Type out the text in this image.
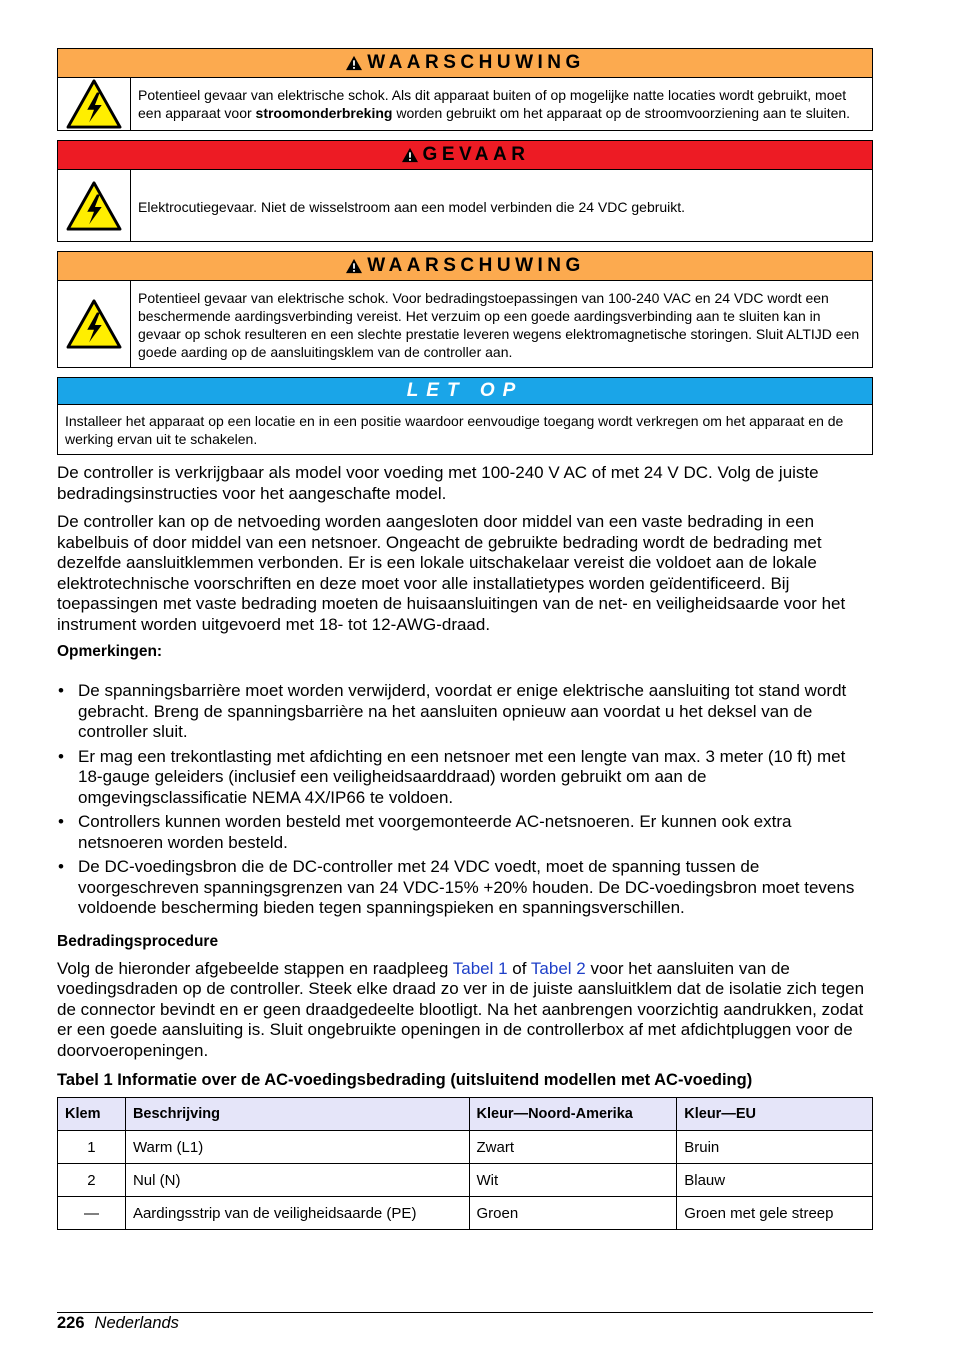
WAARSCHUWING
Potentieel gevaar van elektrische schok. Als dit apparaat buiten of op mogelijke natte locaties wordt gebruikt, moet een apparaat voor stroomonderbreking worden gebruikt om het apparaat op de stroomvoorziening aan te sluiten.
GEVAAR
Elektrocutiegevaar. Niet de wisselstroom aan een model verbinden die 24 VDC gebruikt.
WAARSCHUWING
Potentieel gevaar van elektrische schok. Voor bedradingstoepassingen van 100-240 VAC en 24 VDC wordt een beschermende aardingsverbinding vereist. Het verzuim op een goede aardingsverbinding aan te sluiten kan in gevaar op schok resulteren en een slechte prestatie leveren wegens elektromagnetische storingen. Sluit ALTIJD een goede aarding op de aansluitingsklem van de controller aan.
LET OP
Installeer het apparaat op een locatie en in een positie waardoor eenvoudige toegang wordt verkregen om het apparaat en de werking ervan uit te schakelen.

De controller is verkrijgbaar als model voor voeding met 100-240 V AC of met 24 V DC. Volg de juiste bedradingsinstructies voor het aangeschafte model.

De controller kan op de netvoeding worden aangesloten door middel van een vaste bedrading in een kabelbuis of door middel van een netsnoer. Ongeacht de gebruikte bedrading wordt de bedrading met dezelfde aansluitklemmen verbonden. Er is een lokale uitschakelaar vereist die voldoet aan de lokale elektrotechnische voorschriften en deze moet voor alle installatietypes worden geïdentificeerd. Bij toepassingen met vaste bedrading moeten de huisaansluitingen van de net- en veiligheidsaarde voor het instrument worden uitgevoerd met 18- tot 12-AWG-draad.

Opmerkingen:
• De spanningsbarrière moet worden verwijderd, voordat er enige elektrische aansluiting tot stand wordt gebracht. Breng de spanningsbarrière na het aansluiten opnieuw aan voordat u het deksel van de controller sluit.
• Er mag een trekontlasting met afdichting en een netsnoer met een lengte van max. 3 meter (10 ft) met 18-gauge geleiders (inclusief een veiligheidsaarddraad) worden gebruikt om aan de omgevingsclassificatie NEMA 4X/IP66 te voldoen.
• Controllers kunnen worden besteld met voorgemonteerde AC-netsnoeren. Er kunnen ook extra netsnoeren worden besteld.
• De DC-voedingsbron die de DC-controller met 24 VDC voedt, moet de spanning tussen de voorgeschreven spanningsgrenzen van 24 VDC-15% +20% houden. De DC-voedingsbron moet tevens voldoende bescherming bieden tegen spanningspieken en spanningsverschillen.
Bedradingsprocedure

Volg de hieronder afgebeelde stappen en raadpleeg Tabel 1 of Tabel 2 voor het aansluiten van de voedingsdraden op de controller. Steek elke draad zo ver in de juiste aansluitklem dat de isolatie zich tegen de connector bevindt en er geen draadgedeelte blootligt. Na het aanbrengen voorzichtig aandrukken, zodat er een goede aansluiting is. Sluit ongebruikte openingen in de controllerbox af met afdichtpluggen voor de doorvoeropeningen.

Tabel 1 Informatie over de AC-voedingsbedrading (uitsluitend modellen met AC-voeding)
Klem	Beschrijving	Kleur—Noord-Amerika	Kleur—EU
1	Warm (L1)	Zwart	Bruin
2	Nul (N)	Wit	Blauw
—	Aardingsstrip van de veiligheidsaarde (PE)	Groen	Groen met gele streep
226 Nederlands
